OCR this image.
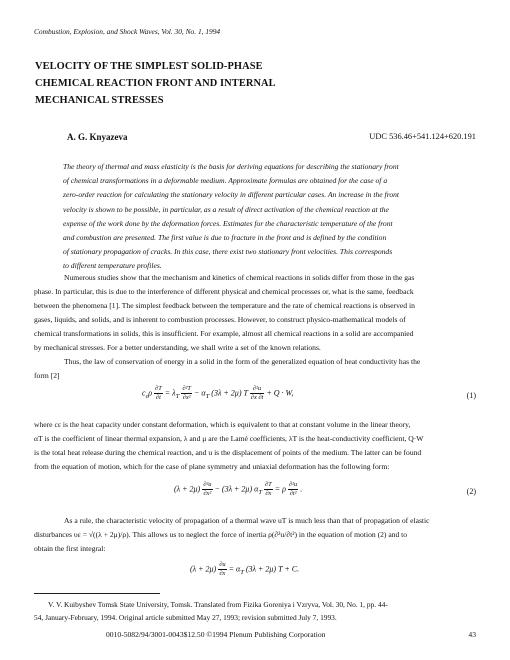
Combustion, Explosion, and Shock Waves, Vol. 30, No. 1, 1994
VELOCITY OF THE SIMPLEST SOLID-PHASE
CHEMICAL REACTION FRONT AND INTERNAL
MECHANICAL STRESSES
A. G. Knyazeva	UDC 536.46+541.124+620.191
The theory of thermal and mass elasticity is the basis for deriving equations for describing the stationary front
of chemical transformations in a deformable medium. Approximate formulas are obtained for the case of a
zero-order reaction for calculating the stationary velocity in different particular cases. An increase in the front
velocity is shown to be possible, in particular, as a result of direct activation of the chemical reaction at the
expense of the work done by the deformation forces. Estimates for the characteristic temperature of the front
and combustion are presented. The first value is due to fracture in the front and is defined by the condition
of stationary propagation of cracks. In this case, there exist two stationary front velocities. This corresponds
to different temperature profiles.
Numerous studies show that the mechanism and kinetics of chemical reactions in solids differ from those in the gas
phase. In particular, this is due to the interference of different physical and chemical processes or, what is the same, feedback
between the phenomena [1]. The simplest feedback between the temperature and the rate of chemical reactions is observed in
gases, liquids, and solids, and is inherent to combustion processes. However, to construct physico-mathematical models of
chemical transformations in solids, this is insufficient. For example, almost all chemical reactions in a solid are accompanied
by mechanical stresses. For a better understanding, we shall write a set of the known relations.
Thus, the law of conservation of energy in a solid in the form of the generalized equation of heat conductivity has the
form [2]
$c_\varepsilon\rho \frac{\partial T}{\partial t} = \lambda_T \frac{\text{∂²T}}{\text{∂x²}} - \alpha_T$ (3λ + 2μ) T $\frac{\text{∂²u}}{\partial x \partial t} + Q \cdot W$,	(1)
where cε is the heat capacity under constant deformation, which is equivalent to that at constant volume in the linear theory,
αT is the coefficient of linear thermal expansion, λ and μ are the Lamé coefficients, λT is the heat-conductivity coefficient, Q·W
is the total heat release during the chemical reaction, and u is the displacement of points of the medium. The latter can be found
from the equation of motion, which for the case of plane symmetry and uniaxial deformation has the following form:
$(\lambda + 2\mu) \frac{\text{∂²u}}{\text{∂x²}} - (3\lambda + 2\mu)$ $\alpha_T \frac{\partial T}{\partial x} = \rho \frac{\text{∂²u}}{\text{∂t²}}$ .	(2)
As a rule, the characteristic velocity of propagation of a thermal wave uT is much less than that of propagation of elastic
disturbances υε = √((λ + 2μ)/ρ). This allows us to neglect the force of inertia ρ(∂²u/∂t²) in the equation of motion (2) and to
obtain the first integral:
$(\lambda + 2\mu) \frac{\partial u}{\partial x} = \alpha_T$ (3λ + 2μ) T + C.
V. V. Kuibyshev Tomsk State University, Tomsk. Translated from Fizika Goreniya i Vzryva, Vol. 30, No. 1, pp. 44-
54, January-February, 1994. Original article submitted May 27, 1993; revision submitted July 7, 1993.
0010-5082/94/3001-0043$12.50 ©1994 Plenum Publishing Corporation	43
